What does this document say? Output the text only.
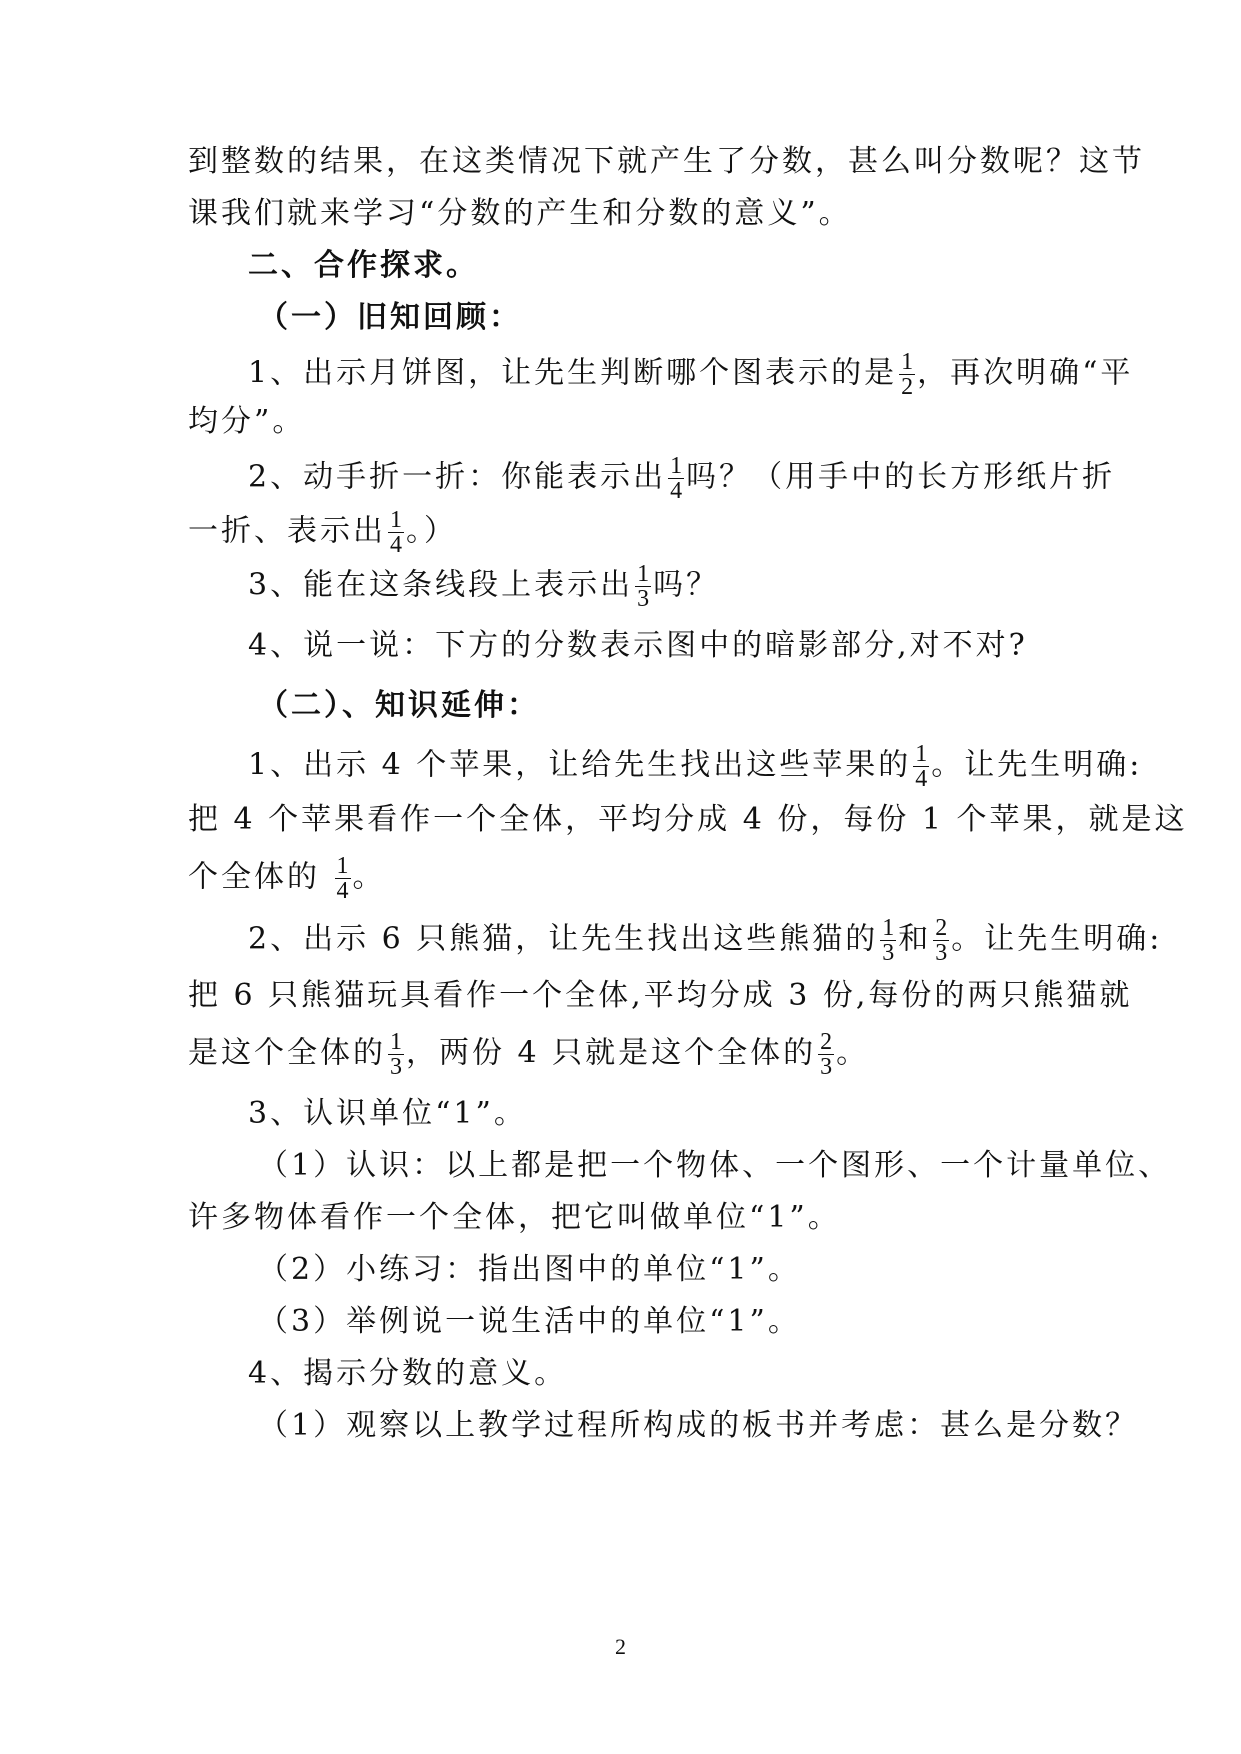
到整数的结果，在这类情况下就产生了分数，甚么叫分数呢？这节
课我们就来学习“分数的产生和分数的意义”。
二、合作探求。
（一）旧知回顾：
1、出示月饼图，让先生判断哪个图表示的是 $\frac{1}{2}$ ，再次明确“平
均分”。
2、动手折一折：你能表示出 $\frac{1}{4}$ 吗？（用手中的长方形纸片折
一折、表示出 $\frac{1}{4}$ 。）
3、能在这条线段上表示出 $\frac{1}{3}$ 吗？
4、说一说：下方的分数表示图中的暗影部分,对不对?
（二）、知识延伸：
1、出示 4 个苹果，让给先生找出这些苹果的 $\frac{1}{4}$ 。让先生明确:
把 4 个苹果看作一个全体，平均分成 4 份，每份 1 个苹果，就是这
个全体的 $\frac{1}{4}$ 。
2、出示 6 只熊猫，让先生找出这些熊猫的 $\frac{1}{3}$ 和 $\frac{2}{3}$ 。让先生明确:
把 6 只熊猫玩具看作一个全体,平均分成 3 份,每份的两只熊猫就
是这个全体的 $\frac{1}{3}$ ，两份 4 只就是这个全体的 $\frac{2}{3}$ 。
3、认识单位“1”。
（1）认识：以上都是把一个物体、一个图形、一个计量单位、
许多物体看作一个全体，把它叫做单位“1”。
（2）小练习：指出图中的单位“1”。
（3）举例说一说生活中的单位“1”。
4、揭示分数的意义。
（1）观察以上教学过程所构成的板书并考虑：甚么是分数？
2
